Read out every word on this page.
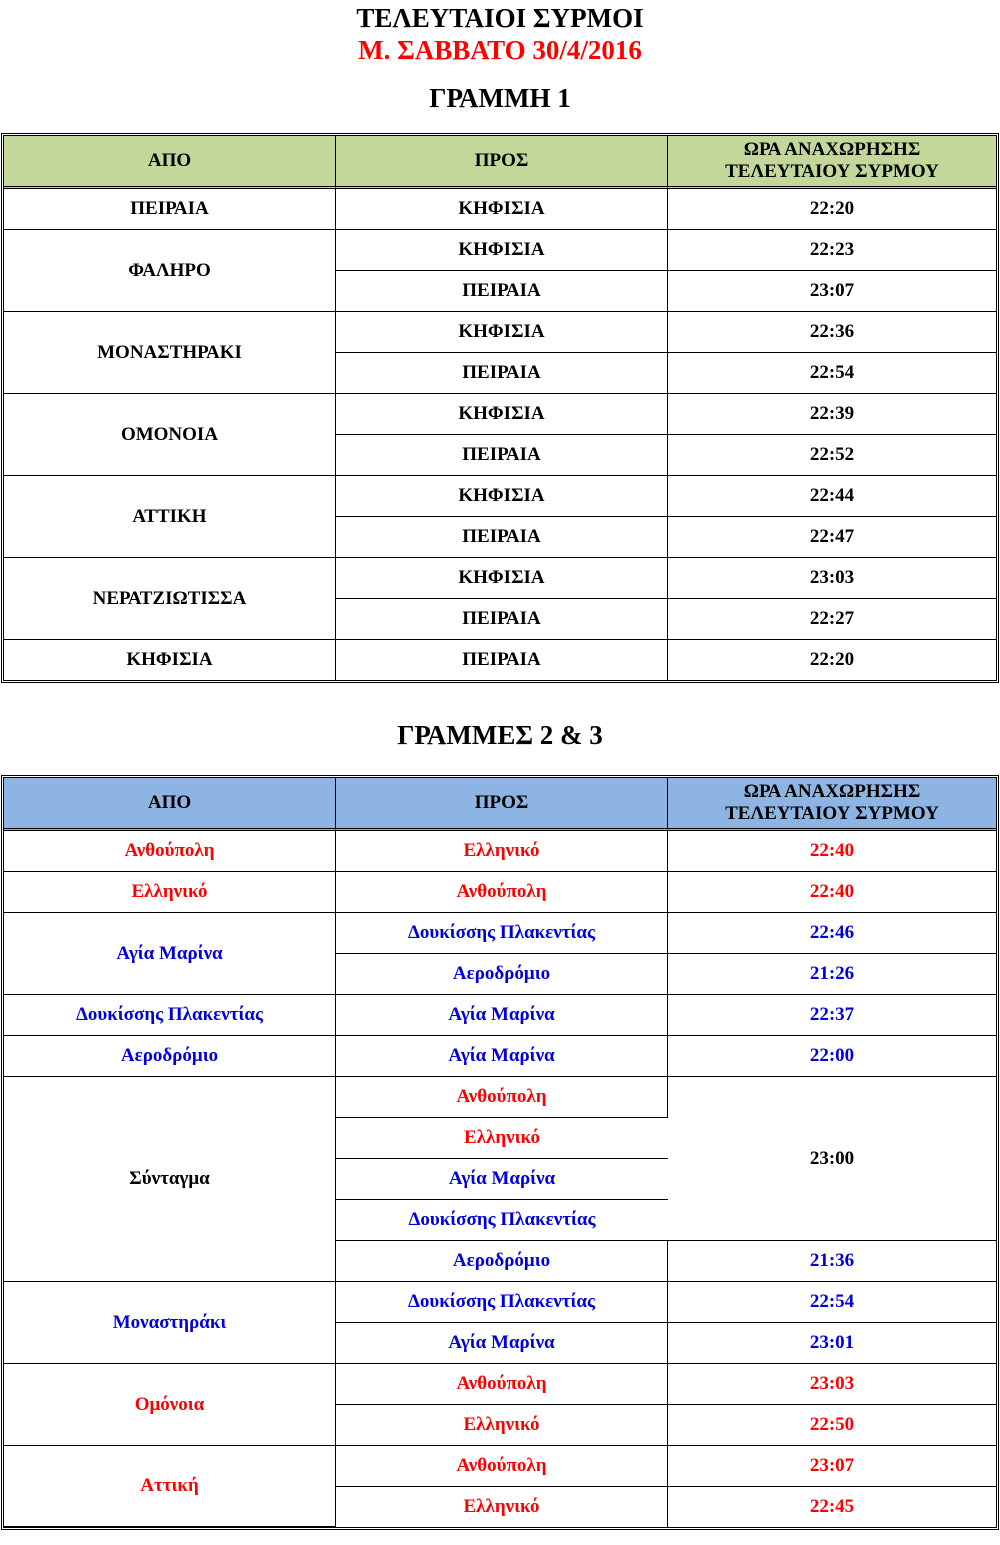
ΤΕΛΕΥΤΑΙΟΙ ΣΥΡΜΟΙ
Μ. ΣΑΒΒΑΤΟ 30/4/2016
ΓΡΑΜΜΗ 1
ΑΠΟ	ΠΡΟΣ	ΩΡΑ ΑΝΑΧΩΡΗΣΗΣ
ΤΕΛΕΥΤΑΙΟΥ ΣΥΡΜΟΥ
ΠΕΙΡΑΙΑ	ΚΗΦΙΣΙΑ	22:20
ΦΑΛΗΡΟ	ΚΗΦΙΣΙΑ	22:23
	ΠΕΙΡΑΙΑ	23:07
ΜΟΝΑΣΤΗΡΑΚΙ	ΚΗΦΙΣΙΑ	22:36
	ΠΕΙΡΑΙΑ	22:54
ΟΜΟΝΟΙΑ	ΚΗΦΙΣΙΑ	22:39
	ΠΕΙΡΑΙΑ	22:52
ΑΤΤΙΚΗ	ΚΗΦΙΣΙΑ	22:44
	ΠΕΙΡΑΙΑ	22:47
ΝΕΡΑΤΖΙΩΤΙΣΣΑ	ΚΗΦΙΣΙΑ	23:03
	ΠΕΙΡΑΙΑ	22:27
ΚΗΦΙΣΙΑ	ΠΕΙΡΑΙΑ	22:20
ΓΡΑΜΜΕΣ 2 & 3
ΑΠΟ	ΠΡΟΣ	ΩΡΑ ΑΝΑΧΩΡΗΣΗΣ
ΤΕΛΕΥΤΑΙΟΥ ΣΥΡΜΟΥ
Ανθούπολη	Ελληνικό	22:40
Ελληνικό	Ανθούπολη	22:40
Αγία Μαρίνα	Δουκίσσης Πλακεντίας	22:46
	Αεροδρόμιο	21:26
Δουκίσσης Πλακεντίας	Αγία Μαρίνα	22:37
Αεροδρόμιο	Αγία Μαρίνα	22:00
Σύνταγμα	Ανθούπολη	23:00
	Ελληνικό	
	Αγία Μαρίνα	
	Δουκίσσης Πλακεντίας	
	Αεροδρόμιο	21:36
Μοναστηράκι	Δουκίσσης Πλακεντίας	22:54
	Αγία Μαρίνα	23:01
Ομόνοια	Ανθούπολη	23:03
	Ελληνικό	22:50
Αττική	Ανθούπολη	23:07
	Ελληνικό	22:45
